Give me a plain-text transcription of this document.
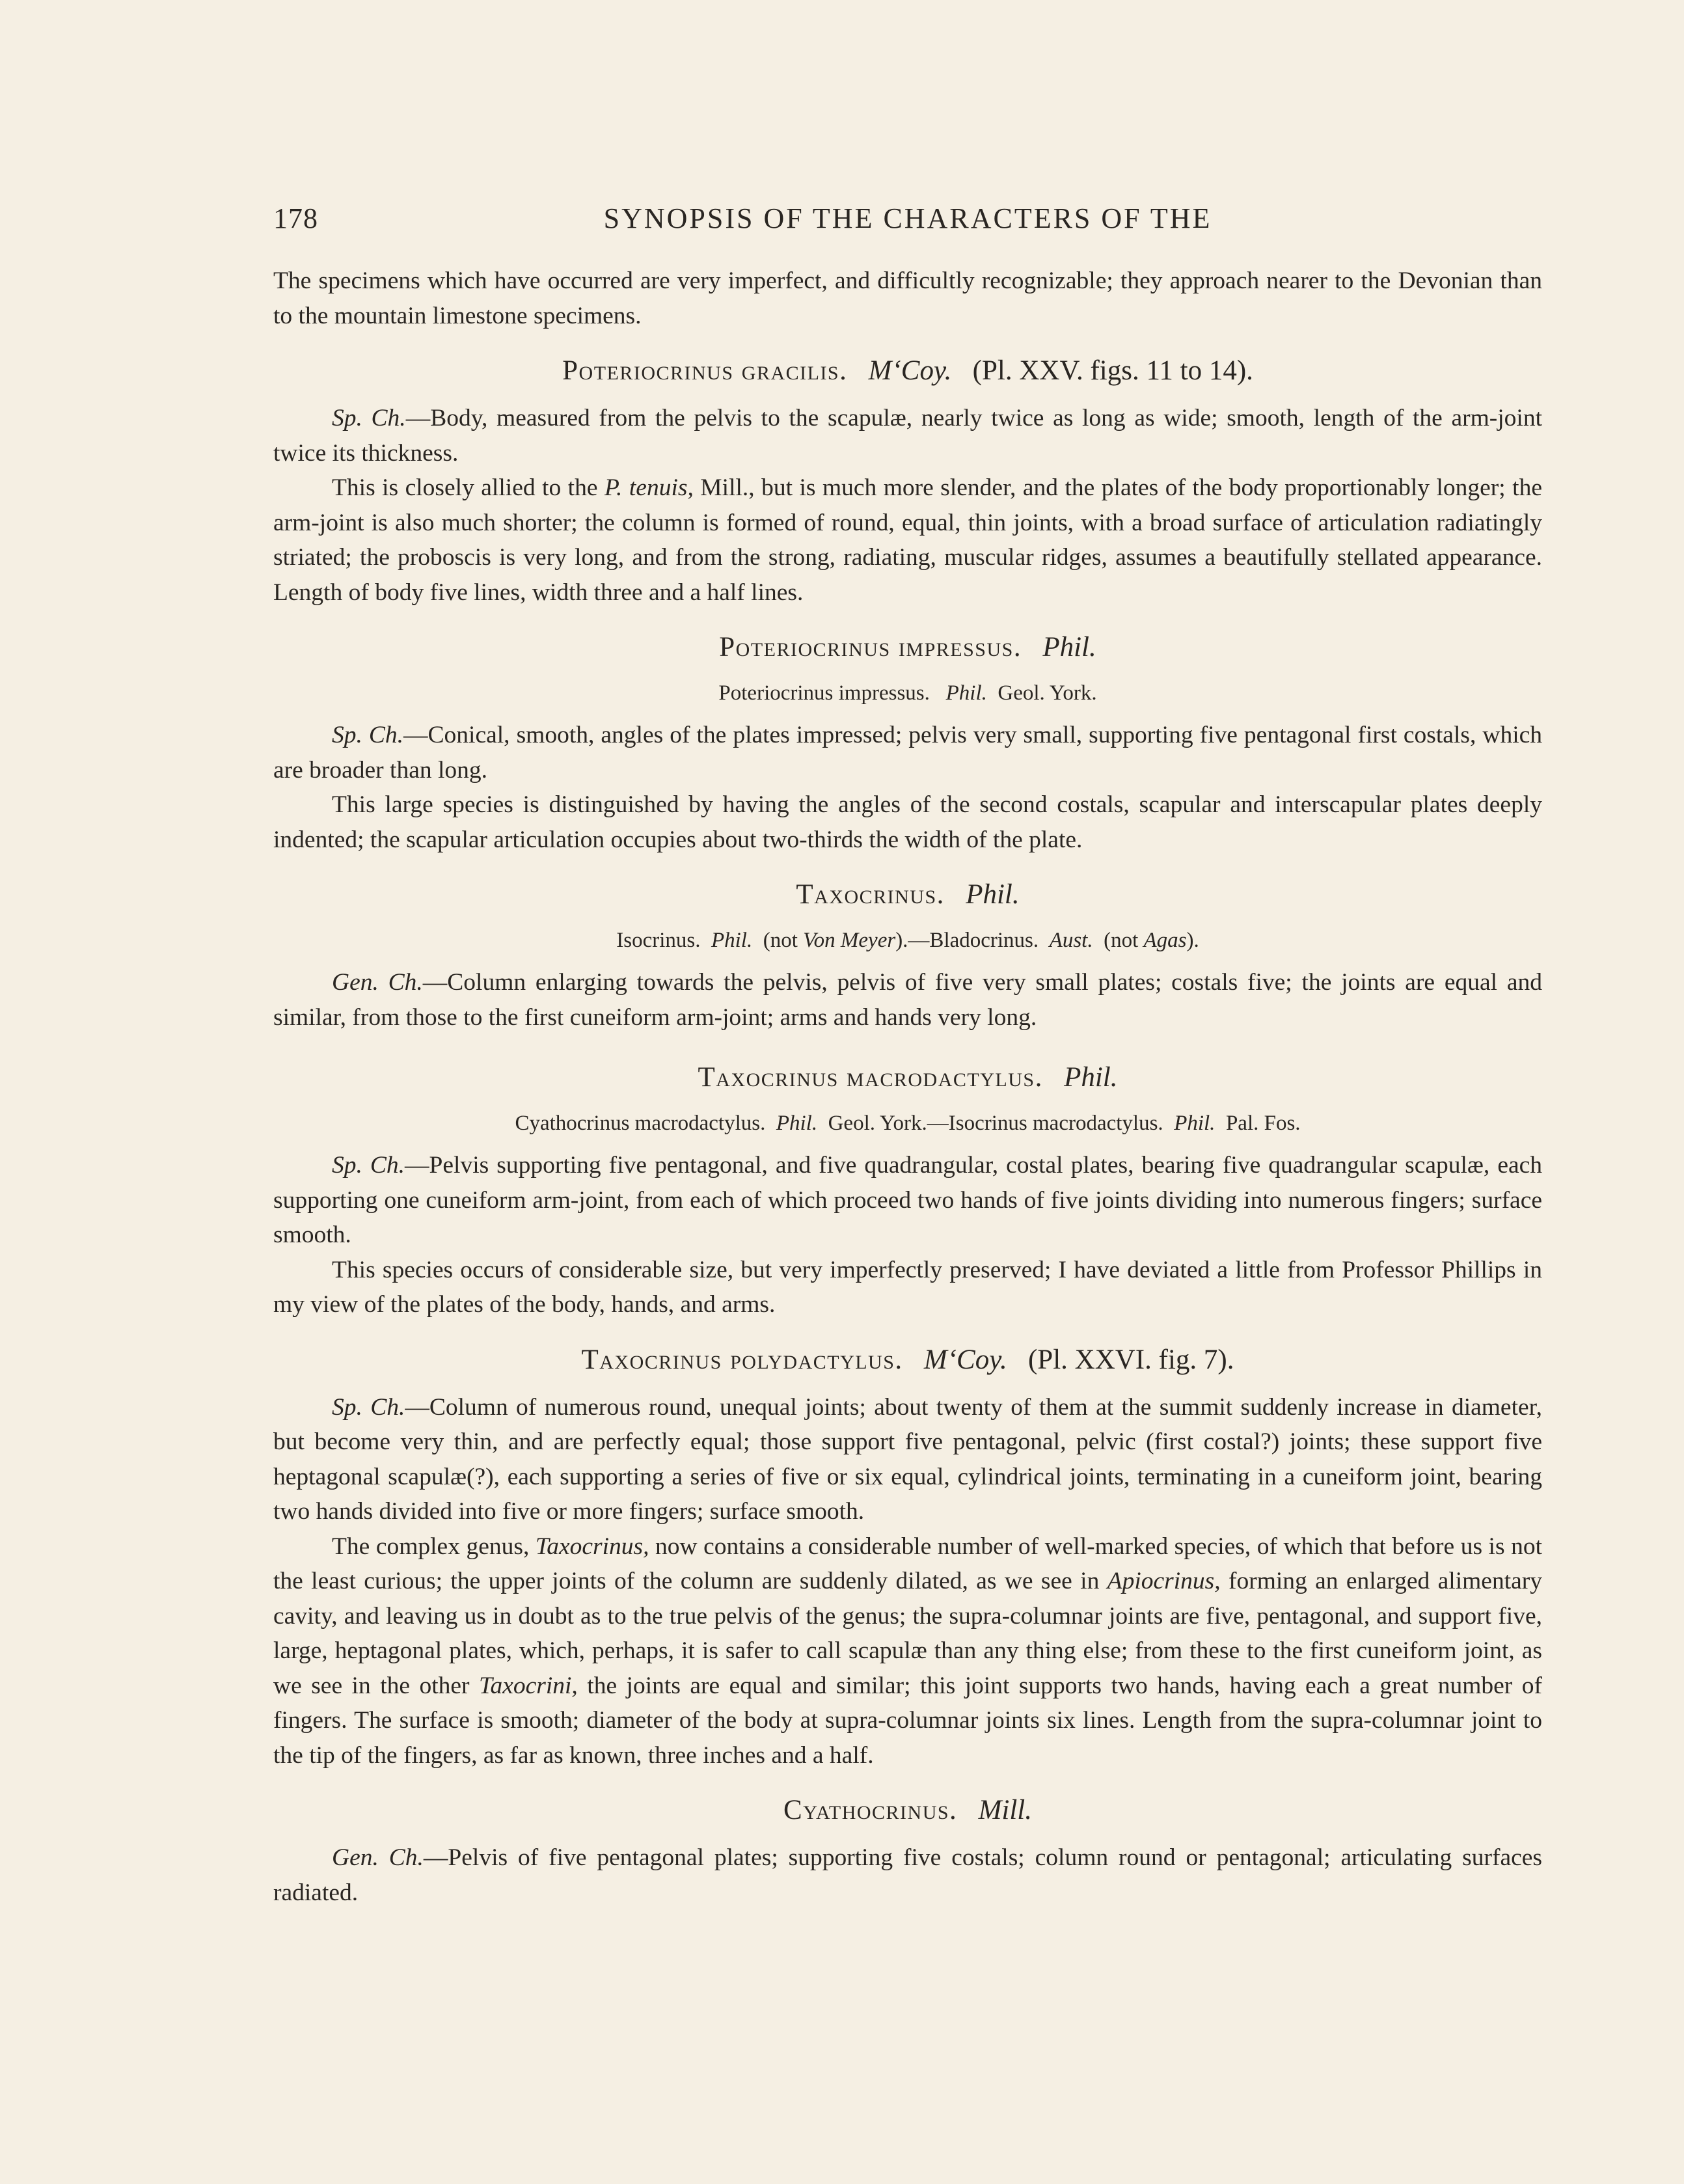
178	SYNOPSIS OF THE CHARACTERS OF THE

The specimens which have occurred are very imperfect, and difficultly recognizable; they approach nearer to the Devonian than to the mountain limestone specimens.

Poteriocrinus gracilis. M‘Coy. (Pl. XXV. figs. 11 to 14).

Sp. Ch.—Body, measured from the pelvis to the scapulæ, nearly twice as long as wide; smooth, length of the arm-joint twice its thickness.

This is closely allied to the P. tenuis, Mill., but is much more slender, and the plates of the body proportionably longer; the arm-joint is also much shorter; the column is formed of round, equal, thin joints, with a broad surface of articulation radiatingly striated; the proboscis is very long, and from the strong, radiating, muscular ridges, assumes a beautifully stellated appearance. Length of body five lines, width three and a half lines.

Poteriocrinus impressus. Phil.
Poteriocrinus impressus. Phil. Geol. York.

Sp. Ch.—Conical, smooth, angles of the plates impressed; pelvis very small, supporting five pentagonal first costals, which are broader than long.

This large species is distinguished by having the angles of the second costals, scapular and interscapular plates deeply indented; the scapular articulation occupies about two-thirds the width of the plate.

Taxocrinus. Phil.
Isocrinus. Phil. (not Von Meyer).—Bladocrinus. Aust. (not Agas).

Gen. Ch.—Column enlarging towards the pelvis, pelvis of five very small plates; costals five; the joints are equal and similar, from those to the first cuneiform arm-joint; arms and hands very long.

Taxocrinus macrodactylus. Phil.
Cyathocrinus macrodactylus. Phil. Geol. York.—Isocrinus macrodactylus. Phil. Pal. Fos.

Sp. Ch.—Pelvis supporting five pentagonal, and five quadrangular, costal plates, bearing five quadrangular scapulæ, each supporting one cuneiform arm-joint, from each of which proceed two hands of five joints dividing into numerous fingers; surface smooth.

This species occurs of considerable size, but very imperfectly preserved; I have deviated a little from Professor Phillips in my view of the plates of the body, hands, and arms.

Taxocrinus polydactylus. M‘Coy. (Pl. XXVI. fig. 7).

Sp. Ch.—Column of numerous round, unequal joints; about twenty of them at the summit suddenly increase in diameter, but become very thin, and are perfectly equal; those support five pentagonal, pelvic (first costal?) joints; these support five heptagonal scapulæ(?), each supporting a series of five or six equal, cylindrical joints, terminating in a cuneiform joint, bearing two hands divided into five or more fingers; surface smooth.

The complex genus, Taxocrinus, now contains a considerable number of well-marked species, of which that before us is not the least curious; the upper joints of the column are suddenly dilated, as we see in Apiocrinus, forming an enlarged alimentary cavity, and leaving us in doubt as to the true pelvis of the genus; the supra-columnar joints are five, pentagonal, and support five, large, heptagonal plates, which, perhaps, it is safer to call scapulæ than any thing else; from these to the first cuneiform joint, as we see in the other Taxocrini, the joints are equal and similar; this joint supports two hands, having each a great number of fingers. The surface is smooth; diameter of the body at supra-columnar joints six lines. Length from the supra-columnar joint to the tip of the fingers, as far as known, three inches and a half.

Cyathocrinus. Mill.

Gen. Ch.—Pelvis of five pentagonal plates; supporting five costals; column round or pentagonal; articulating surfaces radiated.
